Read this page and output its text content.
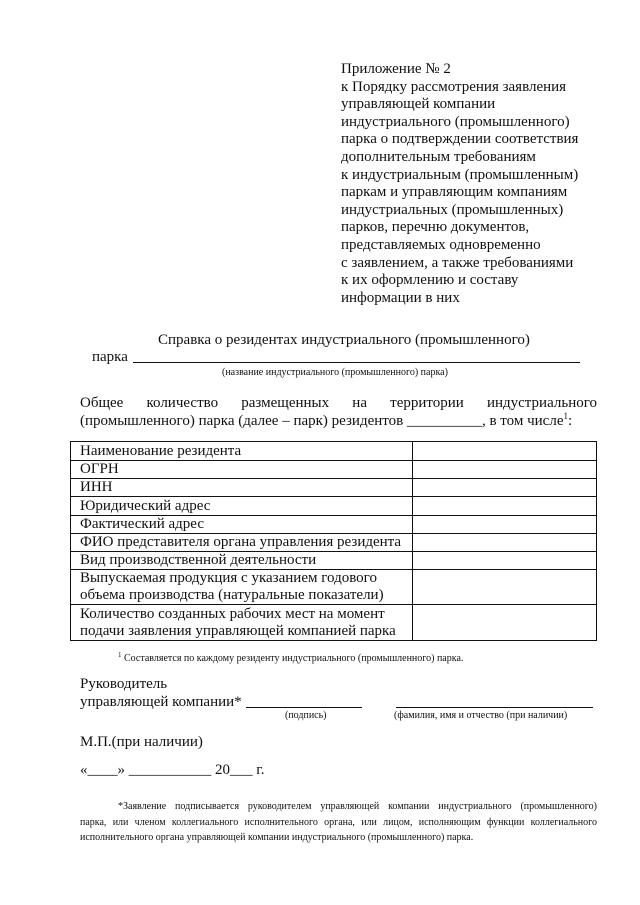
Приложение № 2
к Порядку рассмотрения заявления
управляющей компании
индустриального (промышленного)
парка о подтверждении соответствия
дополнительным требованиям
к индустриальным (промышленным)
паркам и управляющим компаниям
индустриальных (промышленных)
парков, перечню документов,
представляемых одновременно
с заявлением, а также требованиями
к их оформлению и составу
информации в них
Справка о резидентах индустриального (промышленного)
парка
(название индустриального (промышленного) парка)
Общее количество размещенных на территории индустриального
(промышленного) парка (далее – парк) резидентов __________, в том числе$^1$:
Наименование резидента	

ОГРН	

ИНН	

Юридический адрес	

Фактический адрес	

ФИО представителя органа управления резидента	

Вид производственной деятельности	

Выпускаемая продукция с указанием годового
объема производства (натуральные показатели)	

Количество созданных рабочих мест на момент
подачи заявления управляющей компанией парка	

$^1$ Составляется по каждому резиденту индустриального (промышленного) парка.
Руководитель
управляющей компании*
(подпись)	(фамилия, имя и отчество (при наличии)
М.П.(при наличии)
«____» ___________ 20___ г.
*Заявление подписывается руководителем управляющей компании индустриального (промышленного)
парка, или членом коллегиального исполнительного органа, или лицом, исполняющим функции коллегиального
исполнительного органа управляющей компании индустриального (промышленного) парка.
